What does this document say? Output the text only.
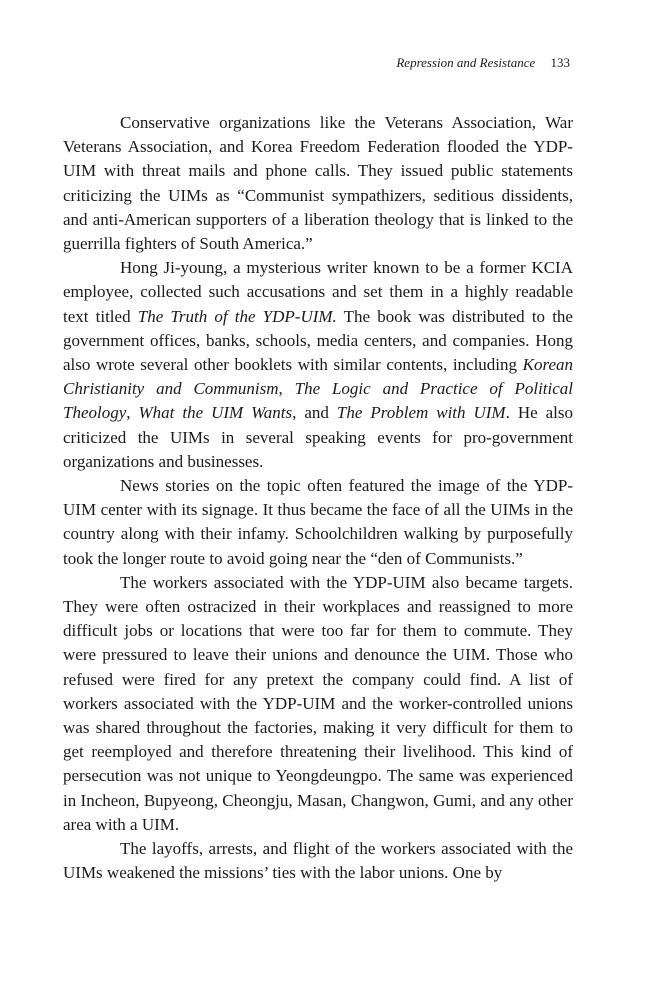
Repression and Resistance 133

Conservative organizations like the Veterans Association, War Veterans Association, and Korea Freedom Federation flooded the YDP-UIM with threat mails and phone calls. They issued public statements criticizing the UIMs as “Communist sympathizers, seditious dissidents, and anti-American supporters of a liberation theology that is linked to the guerrilla fighters of South America.”

Hong Ji-young, a mysterious writer known to be a former KCIA employee, collected such accusations and set them in a highly readable text titled The Truth of the YDP-UIM. The book was distributed to the government offices, banks, schools, media centers, and companies. Hong also wrote several other booklets with similar contents, including Korean Christianity and Communism, The Logic and Practice of Political Theology, What the UIM Wants, and The Problem with UIM. He also criticized the UIMs in several speaking events for pro-government organizations and businesses.

News stories on the topic often featured the image of the YDP-UIM center with its signage. It thus became the face of all the UIMs in the country along with their infamy. Schoolchildren walking by purposefully took the longer route to avoid going near the “den of Communists.”

The workers associated with the YDP-UIM also became targets. They were often ostracized in their workplaces and reassigned to more difficult jobs or locations that were too far for them to commute. They were pressured to leave their unions and denounce the UIM. Those who refused were fired for any pretext the company could find. A list of workers associated with the YDP-UIM and the worker-controlled unions was shared throughout the factories, making it very difficult for them to get reemployed and therefore threatening their livelihood. This kind of persecution was not unique to Yeongdeungpo. The same was experienced in Incheon, Bupyeong, Cheongju, Masan, Changwon, Gumi, and any other area with a UIM.

The layoffs, arrests, and flight of the workers associated with the UIMs weakened the missions’ ties with the labor unions. One by
